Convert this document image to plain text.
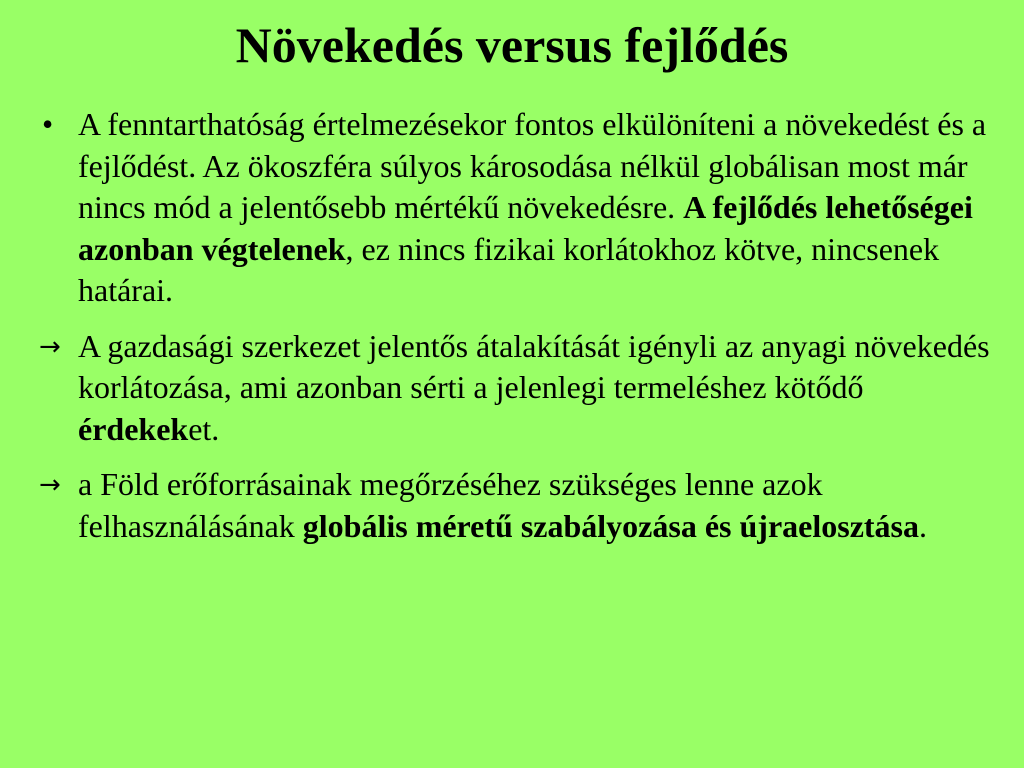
Növekedés versus fejlődés

• A fenntarthatóság értelmezésekor fontos elkülöníteni a növekedést és a fejlődést. Az ökoszféra súlyos károsodása nélkül globálisan most már nincs mód a jelentősebb mértékű növekedésre. A fejlődés lehetőségei azonban végtelenek, ez nincs fizikai korlátokhoz kötve, nincsenek határai.

→ A gazdasági szerkezet jelentős átalakítását igényli az anyagi növekedés korlátozása, ami azonban sérti a jelenlegi termeléshez kötődő érdekeket.

→ a Föld erőforrásainak megőrzéséhez szükséges lenne azok felhasználásának globális méretű szabályozása és újraelosztása.
